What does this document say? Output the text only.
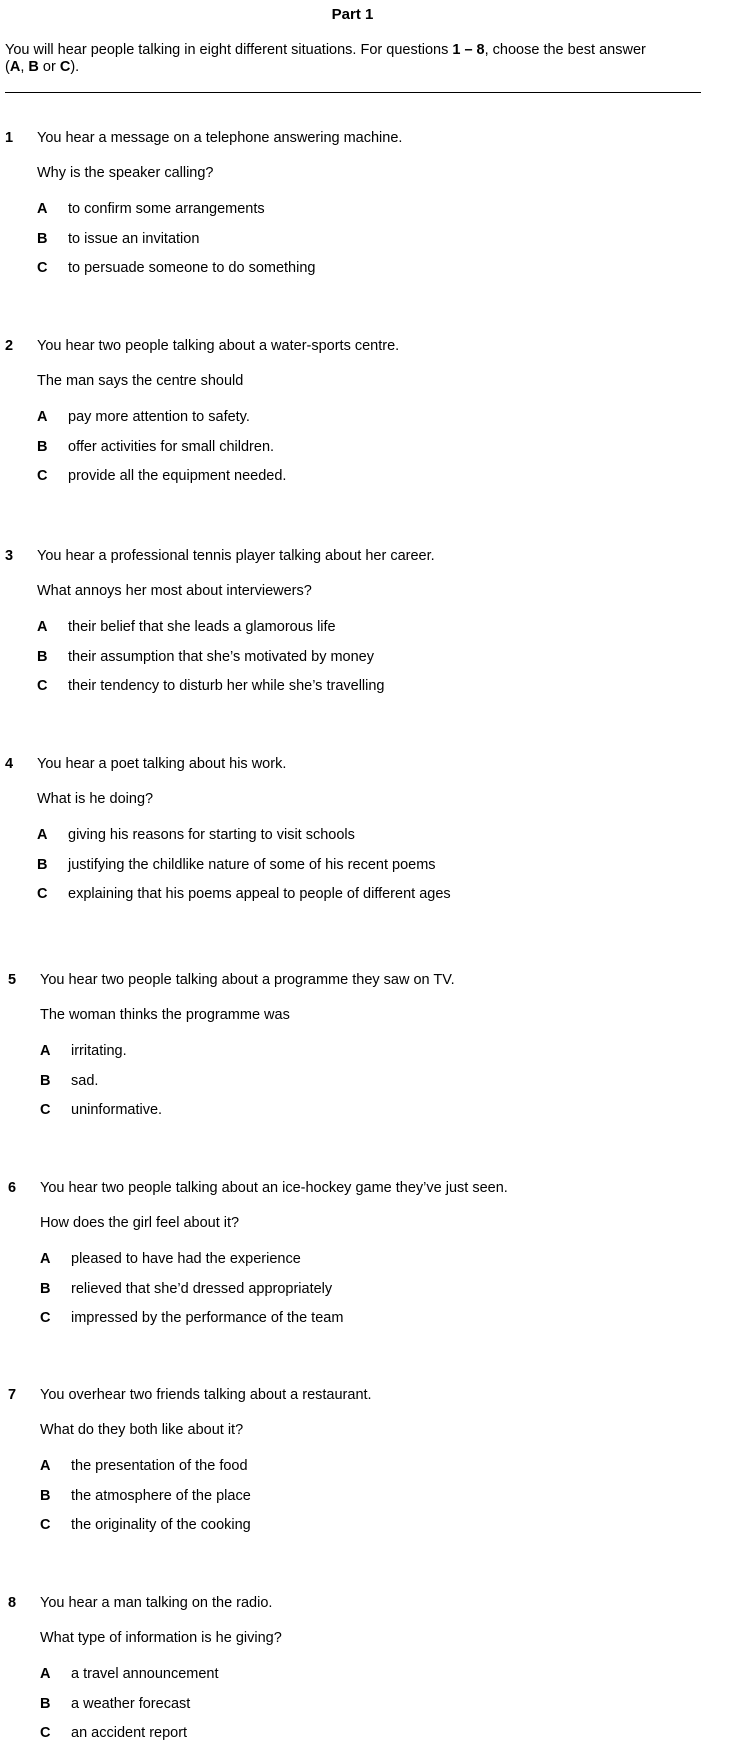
Part 1
You will hear people talking in eight different situations. For questions 1 – 8, choose the best answer
(A, B or C).
1 You hear a message on a telephone answering machine.
Why is the speaker calling?
A to confirm some arrangements
B to issue an invitation
C to persuade someone to do something
2 You hear two people talking about a water-sports centre.
The man says the centre should
A pay more attention to safety.
B offer activities for small children.
C provide all the equipment needed.
3 You hear a professional tennis player talking about her career.
What annoys her most about interviewers?
A their belief that she leads a glamorous life
B their assumption that she’s motivated by money
C their tendency to disturb her while she’s travelling
4 You hear a poet talking about his work.
What is he doing?
A giving his reasons for starting to visit schools
B justifying the childlike nature of some of his recent poems
C explaining that his poems appeal to people of different ages
5 You hear two people talking about a programme they saw on TV.
The woman thinks the programme was
A irritating.
B sad.
C uninformative.
6 You hear two people talking about an ice-hockey game they’ve just seen.
How does the girl feel about it?
A pleased to have had the experience
B relieved that she’d dressed appropriately
C impressed by the performance of the team
7 You overhear two friends talking about a restaurant.
What do they both like about it?
A the presentation of the food
B the atmosphere of the place
C the originality of the cooking
8 You hear a man talking on the radio.
What type of information is he giving?
A a travel announcement
B a weather forecast
C an accident report
